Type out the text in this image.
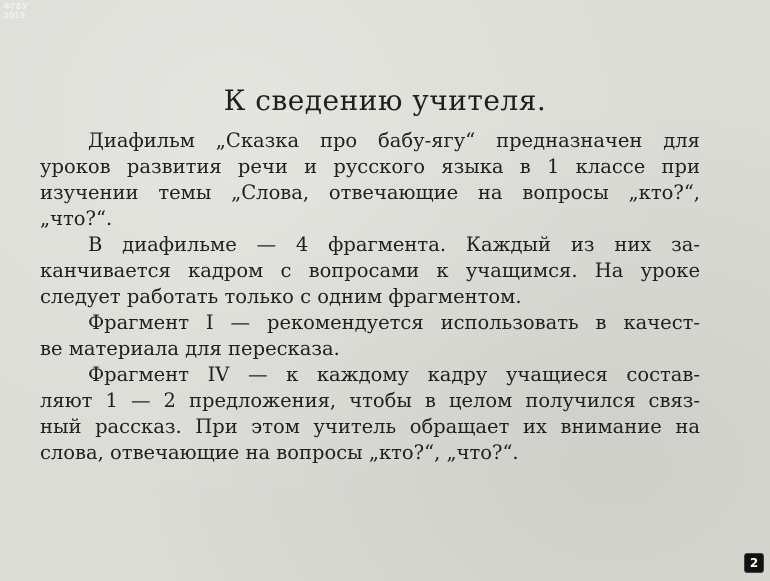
ФГБУ
2015
К сведению учителя.
Диафильм „Сказка про бабу-ягу“ предназначен для
уроков развития речи и русского языка в 1 классе при
изучении темы „Слова, отвечающие на вопросы „кто?“,
„что?“.
В диафильме — 4 фрагмента. Каждый из них за-
канчивается кадром с вопросами к учащимся. На уроке
следует работать только с одним фрагментом.
Фрагмент I — рекомендуется использовать в качест-
ве материала для пересказа.
Фрагмент IV — к каждому кадру учащиеся состав-
ляют 1 — 2 предложения, чтобы в целом получился связ-
ный рассказ. При этом учитель обращает их внимание на
слова, отвечающие на вопросы „кто?“, „что?“.
2
